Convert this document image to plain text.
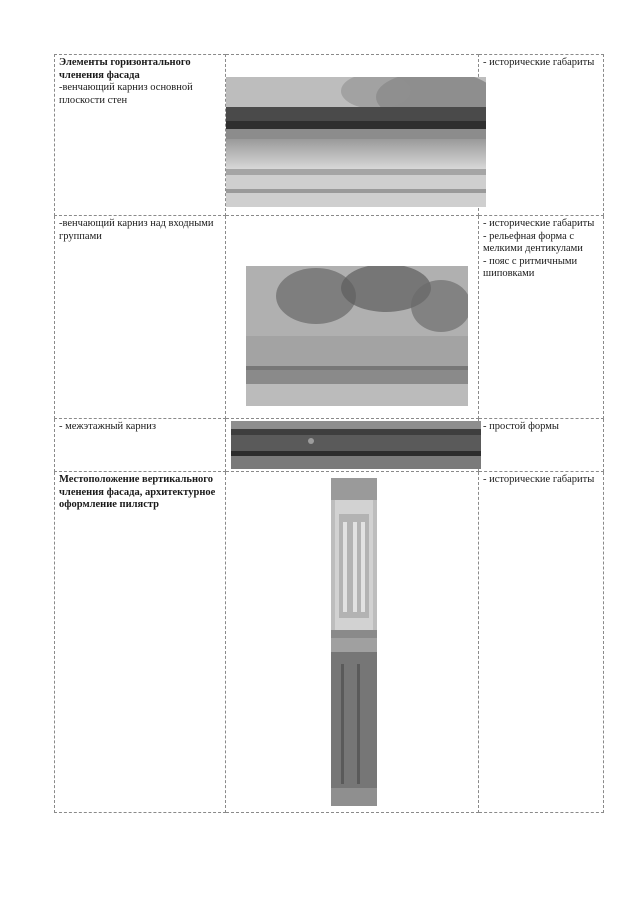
Элементы горизонтального членения фасада
-венчающий карниз основной плоскости стен		- исторические габариты

-венчающий карниз над входными группами		- исторические габариты
- рельефная форма с мелкими дентикулами
- пояс с ритмичными шиповками

- межэтажный карниз		- простой формы

Местоположение вертикального членения фасада, архитектурное оформление пилястр		- исторические габариты
